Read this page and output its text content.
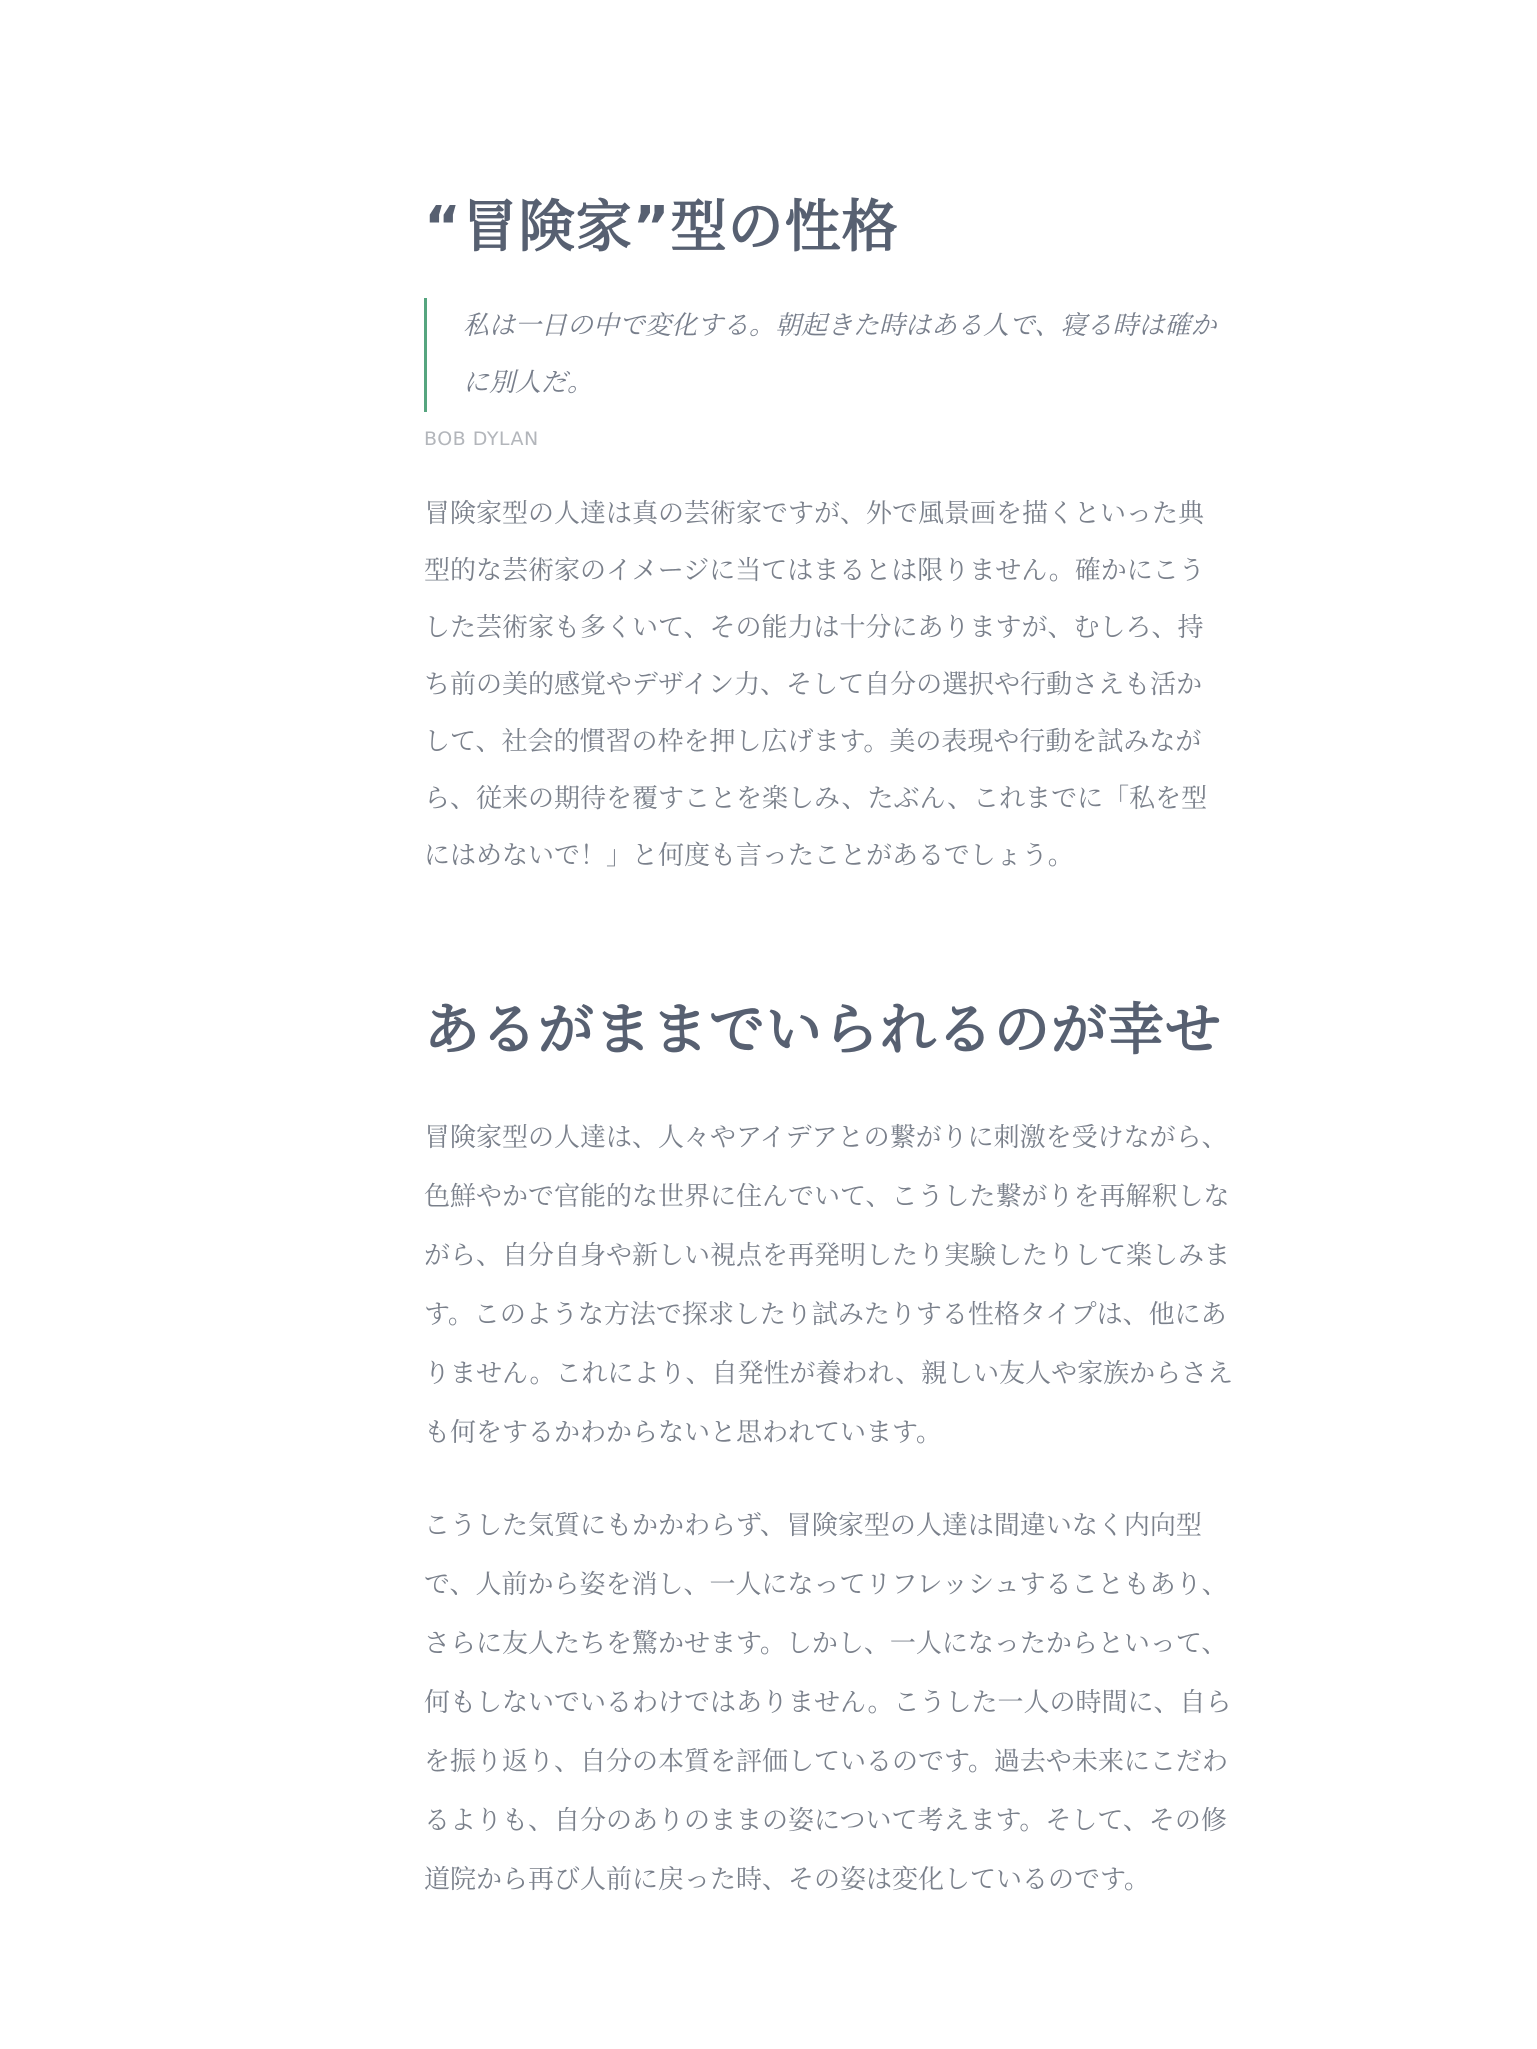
“冒険家”型の性格
私は一日の中で変化する。朝起きた時はある人で、寝る時は確かに別人だ。
BOB DYLAN

冒険家型の人達は真の芸術家ですが、外で風景画を描くといった典型的な芸術家のイメージに当てはまるとは限りません。確かにこうした芸術家も多くいて、その能力は十分にありますが、むしろ、持ち前の美的感覚やデザイン力、そして自分の選択や行動さえも活かして、社会的慣習の枠を押し広げます。美の表現や行動を試みながら、従来の期待を覆すことを楽しみ、たぶん、これまでに「私を型にはめないで！」と何度も言ったことがあるでしょう。

あるがままでいられるのが幸せ

冒険家型の人達は、人々やアイデアとの繋がりに刺激を受けながら、色鮮やかで官能的な世界に住んでいて、こうした繋がりを再解釈しながら、自分自身や新しい視点を再発明したり実験したりして楽しみます。このような方法で探求したり試みたりする性格タイプは、他にありません。これにより、自発性が養われ、親しい友人や家族からさえも何をするかわからないと思われています。

こうした気質にもかかわらず、冒険家型の人達は間違いなく内向型で、人前から姿を消し、一人になってリフレッシュすることもあり、さらに友人たちを驚かせます。しかし、一人になったからといって、何もしないでいるわけではありません。こうした一人の時間に、自らを振り返り、自分の本質を評価しているのです。過去や未来にこだわるよりも、自分のありのままの姿について考えます。そして、その修道院から再び人前に戻った時、その姿は変化しているのです。
